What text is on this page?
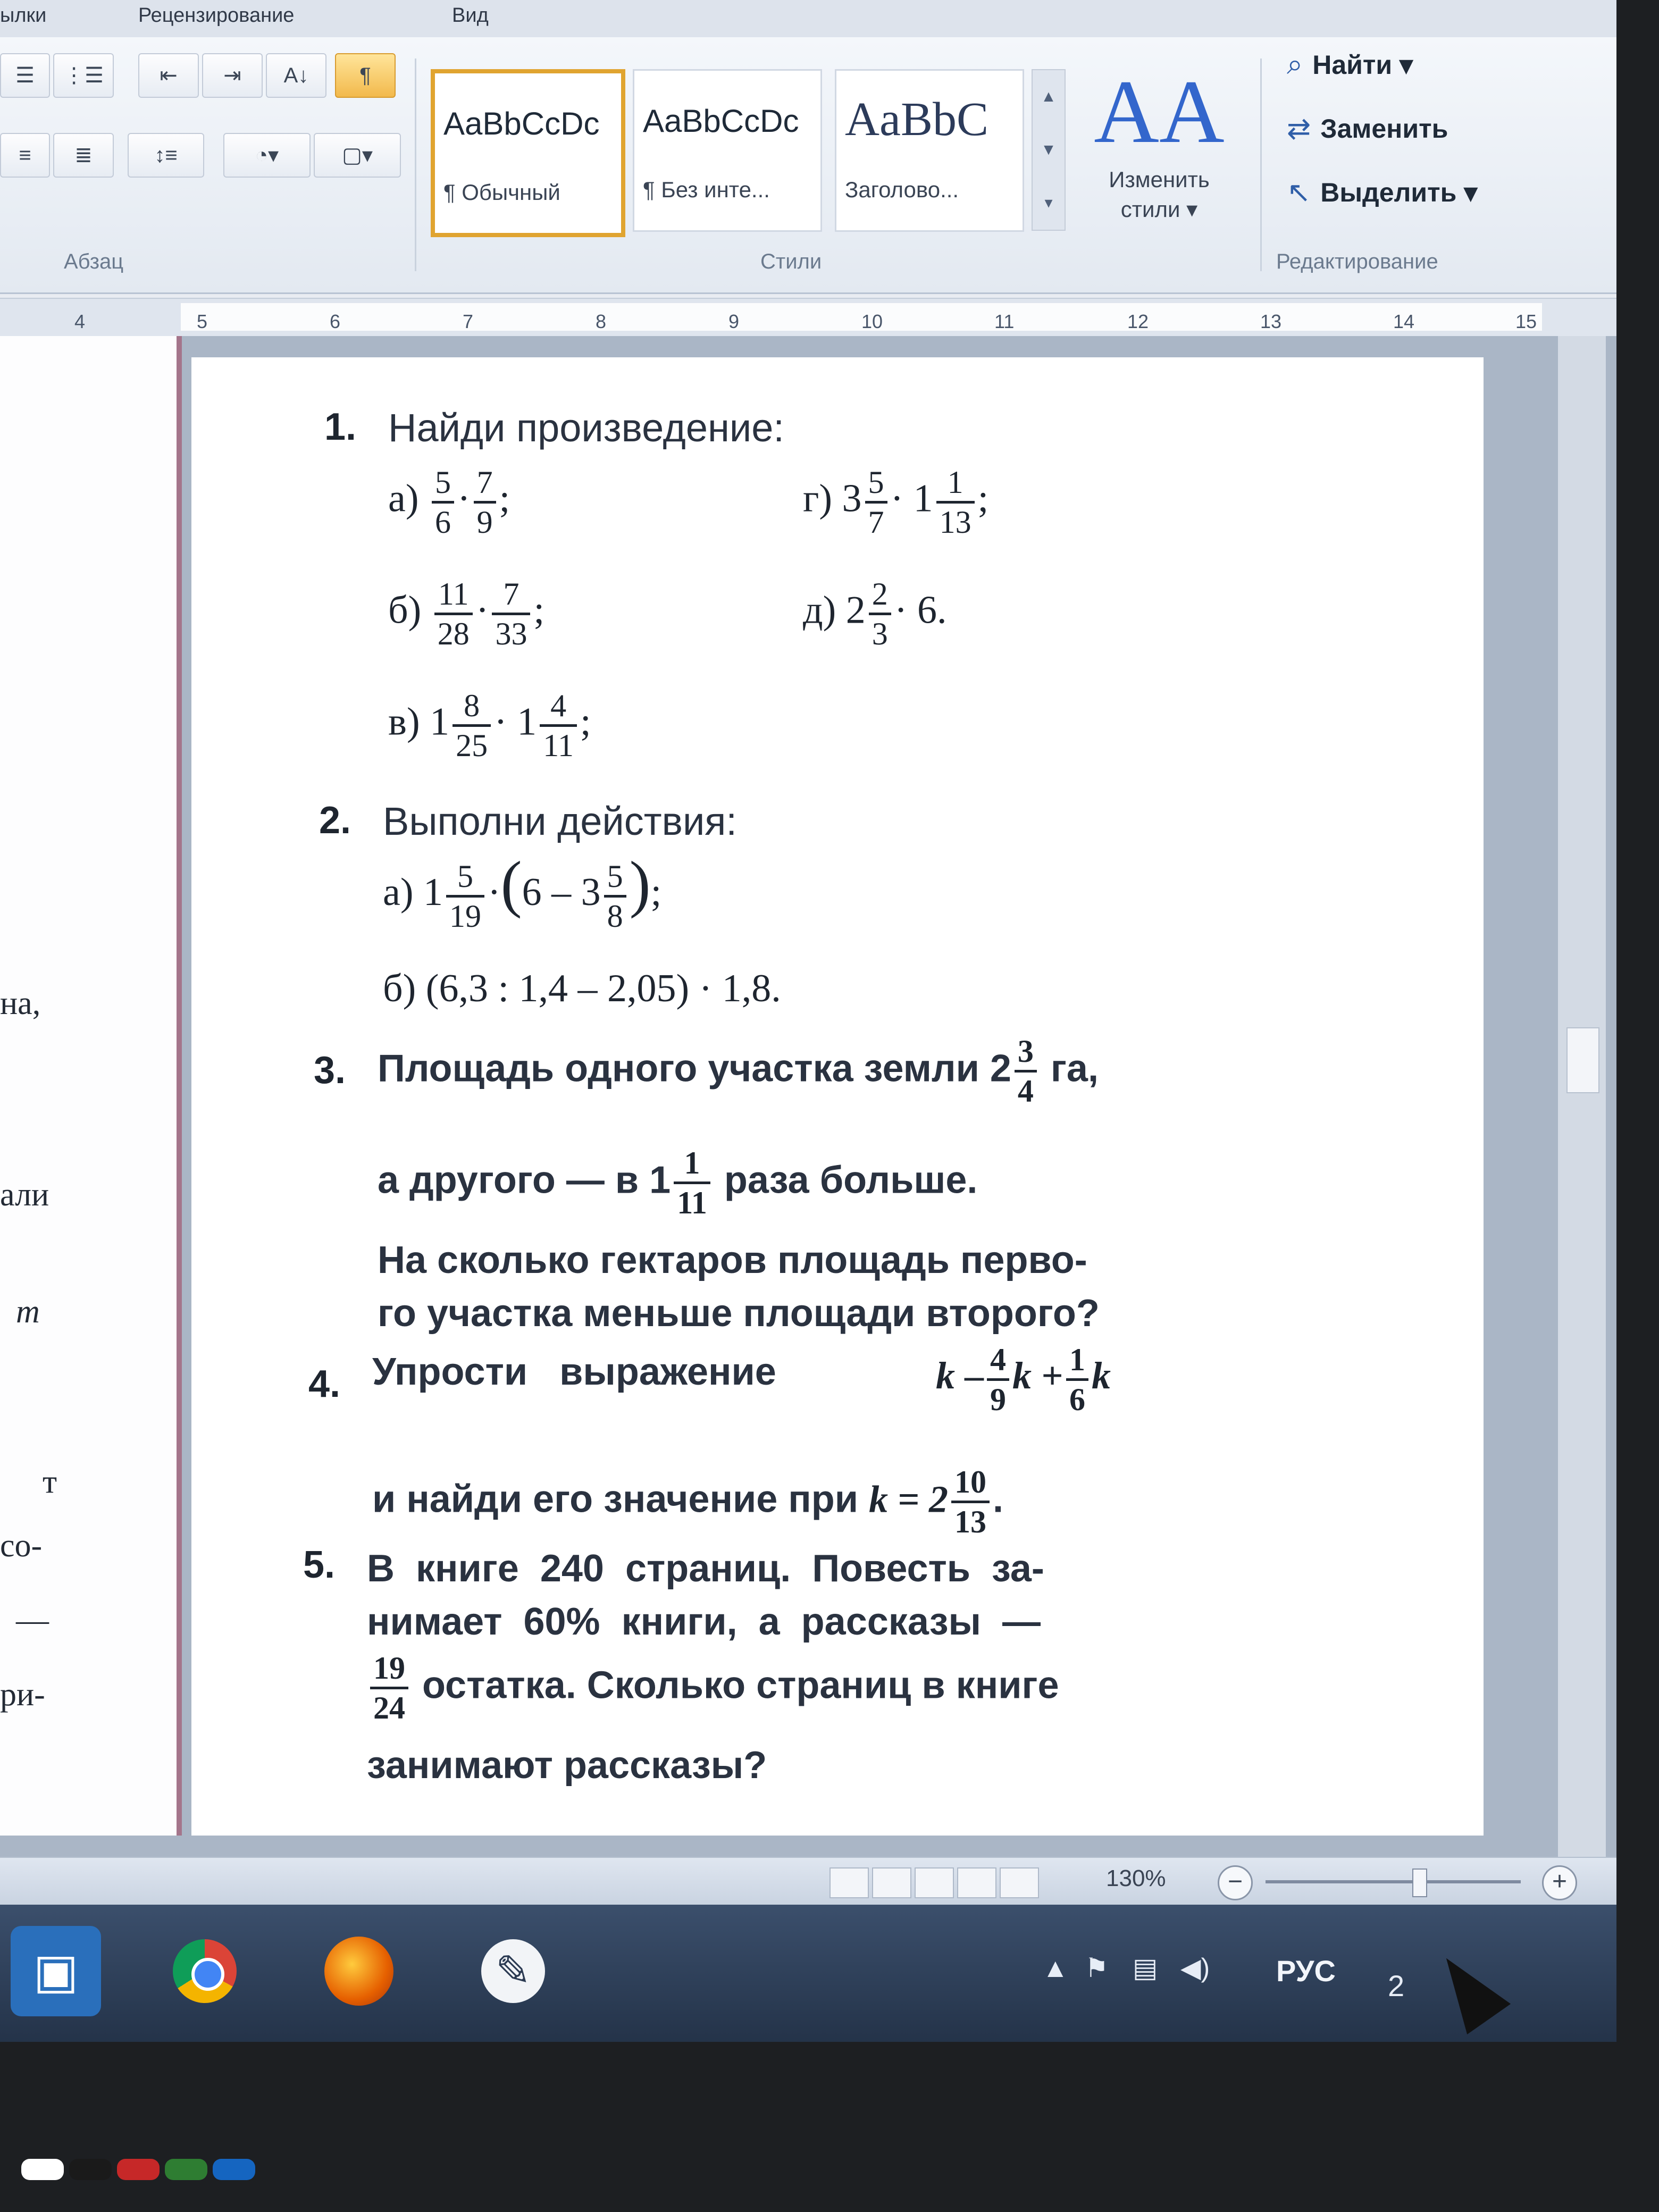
ылки	Рецензирование	Вид
☰	⋮☰	⇤	⇥	A↓	¶
≡	≣	↕≡	◔▾	▢▾
Абзац
AaBbCcDc
¶ Обычный
AaBbCcDc
¶ Без инте...
AaBbC
Заголово...
▲
▼
▾
AA
Изменить стили ▾
Стили
⌕ Найти ▾
⇄ Заменить
↖ Выделить ▾
Редактирование
4	5	6	7	8	9	10	11	12	13	14	15
на,
али
m
т
со-
—
ри-
1. Найди произведение:
$а) \frac{5}{6} \cdot \frac{7}{9}$ ;	г) $3 \frac{5}{7} \cdot 1 \frac{1}{13}$ ;
$б) \frac{11}{28} \cdot \frac{7}{33}$ ;	д) $2 \frac{2}{3} \cdot 6$.
в) $1 \frac{8}{25} \cdot 1 \frac{4}{11}$ ;
2. Выполни действия:
а) $1 \frac{5}{19} \cdot(6 - 3 \frac{5}{8}$ );
б) (6,3 : 1,4 – 2,05) · 1,8.
3. Площадь одного участка земли $2 \frac{3}{4}$ га,
а другого — в $1 \frac{1}{11}$ раза больше.
На сколько гектаров площадь перво-
го участка меньше площади второго?
4. Упрости   выражение	k – $\frac{4}{9}$ $k + \frac{1}{6}$ k
и найди его значение при $k = 2 \frac{10}{13}$ .
5. В  книге  240  страниц.  Повесть  за-
нимает  60%  книги,  а  рассказы  —
$\frac{19}{24}$ остатка. Сколько страниц в книге
занимают рассказы?
130%	−	+
▣	✎	▲ ⚑ ▤ ◀) РУС 2
